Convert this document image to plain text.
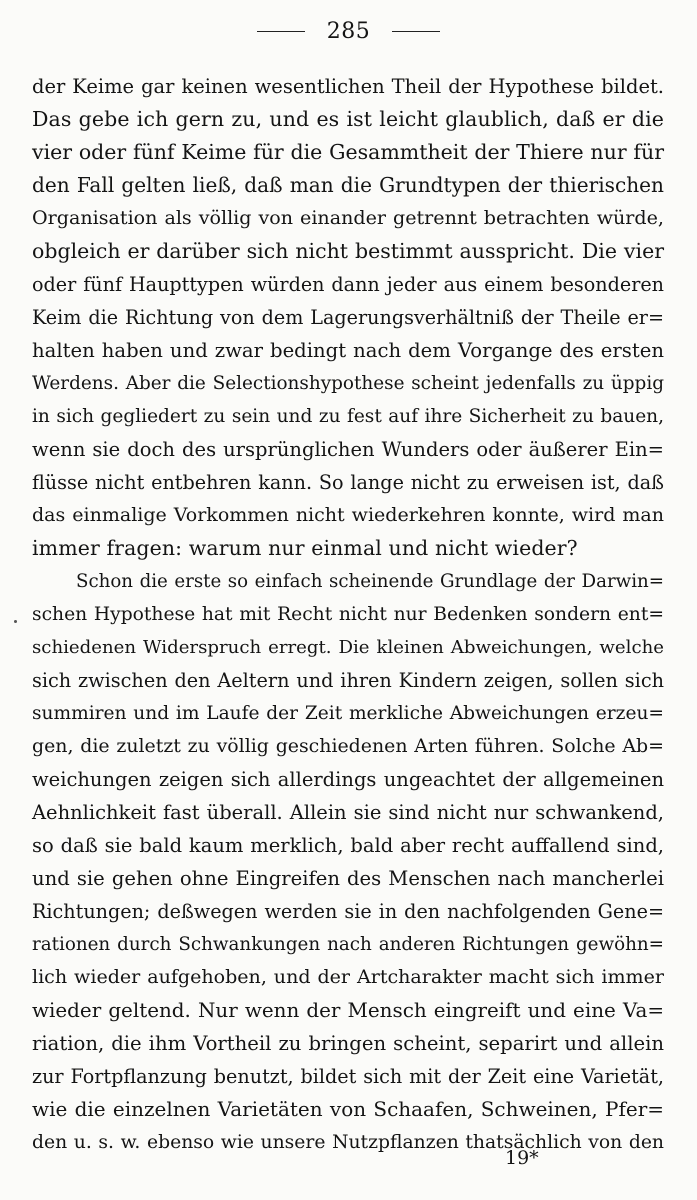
285
der Keime gar keinen wesentlichen Theil der Hypothese bildet.
Das gebe ich gern zu, und es ist leicht glaublich, daß er die
vier oder fünf Keime für die Gesammtheit der Thiere nur für
den Fall gelten ließ, daß man die Grundtypen der thierischen
Organisation als völlig von einander getrennt betrachten würde,
obgleich er darüber sich nicht bestimmt ausspricht. Die vier
oder fünf Haupttypen würden dann jeder aus einem besonderen
Keim die Richtung von dem Lagerungsverhältniß der Theile er=
halten haben und zwar bedingt nach dem Vorgange des ersten
Werdens. Aber die Selectionshypothese scheint jedenfalls zu üppig
in sich gegliedert zu sein und zu fest auf ihre Sicherheit zu bauen,
wenn sie doch des ursprünglichen Wunders oder äußerer Ein=
flüsse nicht entbehren kann. So lange nicht zu erweisen ist, daß
das einmalige Vorkommen nicht wiederkehren konnte, wird man
immer fragen: warum nur einmal und nicht wieder?
Schon die erste so einfach scheinende Grundlage der Darwin=
schen Hypothese hat mit Recht nicht nur Bedenken sondern ent=
schiedenen Widerspruch erregt. Die kleinen Abweichungen, welche
sich zwischen den Aeltern und ihren Kindern zeigen, sollen sich
summiren und im Laufe der Zeit merkliche Abweichungen erzeu=
gen, die zuletzt zu völlig geschiedenen Arten führen. Solche Ab=
weichungen zeigen sich allerdings ungeachtet der allgemeinen
Aehnlichkeit fast überall. Allein sie sind nicht nur schwankend,
so daß sie bald kaum merklich, bald aber recht auffallend sind,
und sie gehen ohne Eingreifen des Menschen nach mancherlei
Richtungen; deßwegen werden sie in den nachfolgenden Gene=
rationen durch Schwankungen nach anderen Richtungen gewöhn=
lich wieder aufgehoben, und der Artcharakter macht sich immer
wieder geltend. Nur wenn der Mensch eingreift und eine Va=
riation, die ihm Vortheil zu bringen scheint, separirt und allein
zur Fortpflanzung benutzt, bildet sich mit der Zeit eine Varietät,
wie die einzelnen Varietäten von Schaafen, Schweinen, Pfer=
den u. s. w. ebenso wie unsere Nutzpflanzen thatsächlich von den
19*
